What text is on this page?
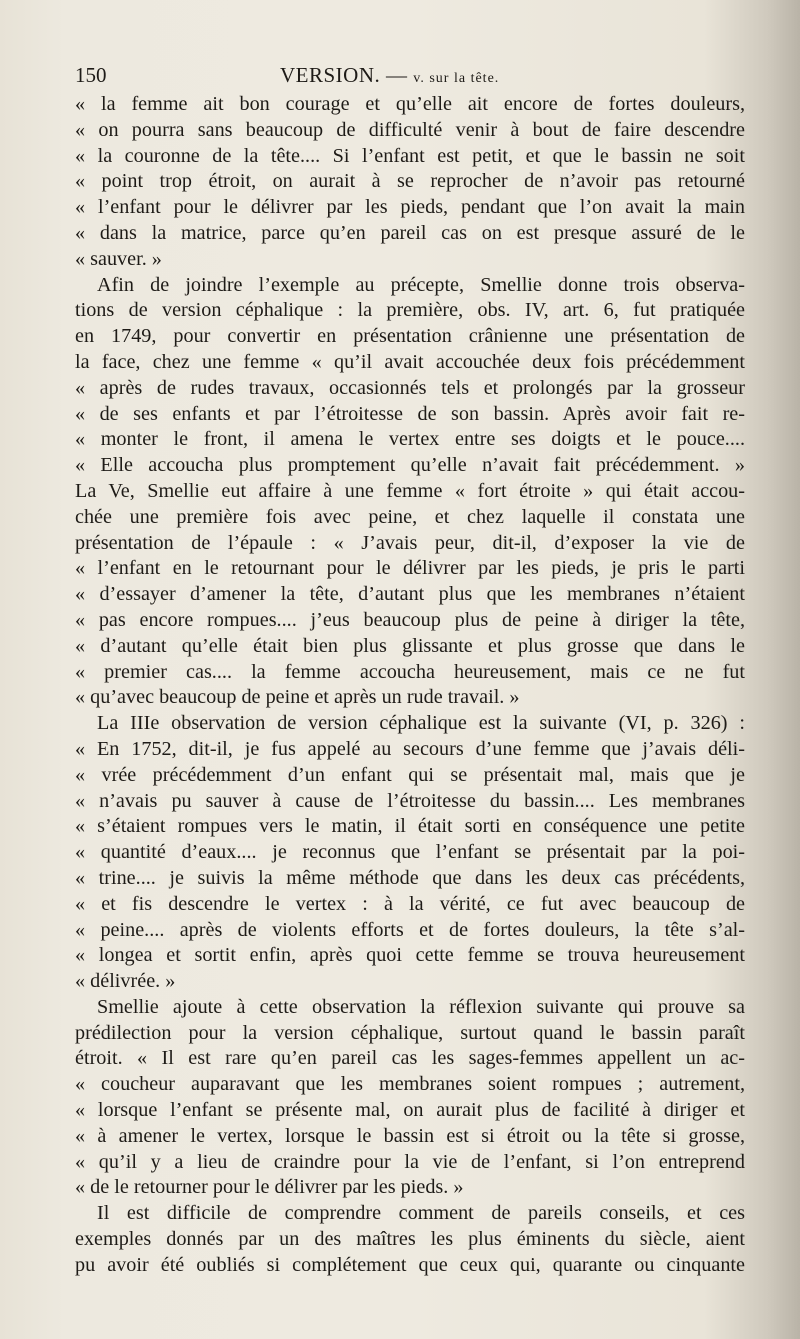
150	VERSION. — v. sur la tête.
« la femme ait bon courage et qu’elle ait encore de fortes douleurs,
« on pourra sans beaucoup de difficulté venir à bout de faire descendre
« la couronne de la tête.... Si l’enfant est petit, et que le bassin ne soit
« point trop étroit, on aurait à se reprocher de n’avoir pas retourné
« l’enfant pour le délivrer par les pieds, pendant que l’on avait la main
« dans la matrice, parce qu’en pareil cas on est presque assuré de le
« sauver. »
Afin de joindre l’exemple au précepte, Smellie donne trois observa-
tions de version céphalique : la première, obs. IV, art. 6, fut pratiquée
en 1749, pour convertir en présentation crânienne une présentation de
la face, chez une femme « qu’il avait accouchée deux fois précédemment
« après de rudes travaux, occasionnés tels et prolongés par la grosseur
« de ses enfants et par l’étroitesse de son bassin. Après avoir fait re-
« monter le front, il amena le vertex entre ses doigts et le pouce....
« Elle accoucha plus promptement qu’elle n’avait fait précédemment. »
La Ve, Smellie eut affaire à une femme « fort étroite » qui était accou-
chée une première fois avec peine, et chez laquelle il constata une
présentation de l’épaule : « J’avais peur, dit-il, d’exposer la vie de
« l’enfant en le retournant pour le délivrer par les pieds, je pris le parti
« d’essayer d’amener la tête, d’autant plus que les membranes n’étaient
« pas encore rompues.... j’eus beaucoup plus de peine à diriger la tête,
« d’autant qu’elle était bien plus glissante et plus grosse que dans le
« premier cas.... la femme accoucha heureusement, mais ce ne fut
« qu’avec beaucoup de peine et après un rude travail. »
La IIIe observation de version céphalique est la suivante (VI, p. 326) :
« En 1752, dit-il, je fus appelé au secours d’une femme que j’avais déli-
« vrée précédemment d’un enfant qui se présentait mal, mais que je
« n’avais pu sauver à cause de l’étroitesse du bassin.... Les membranes
« s’étaient rompues vers le matin, il était sorti en conséquence une petite
« quantité d’eaux.... je reconnus que l’enfant se présentait par la poi-
« trine.... je suivis la même méthode que dans les deux cas précédents,
« et fis descendre le vertex : à la vérité, ce fut avec beaucoup de
« peine.... après de violents efforts et de fortes douleurs, la tête s’al-
« longea et sortit enfin, après quoi cette femme se trouva heureusement
« délivrée. »
Smellie ajoute à cette observation la réflexion suivante qui prouve sa
prédilection pour la version céphalique, surtout quand le bassin paraît
étroit. « Il est rare qu’en pareil cas les sages-femmes appellent un ac-
« coucheur auparavant que les membranes soient rompues ; autrement,
« lorsque l’enfant se présente mal, on aurait plus de facilité à diriger et
« à amener le vertex, lorsque le bassin est si étroit ou la tête si grosse,
« qu’il y a lieu de craindre pour la vie de l’enfant, si l’on entreprend
« de le retourner pour le délivrer par les pieds. »
Il est difficile de comprendre comment de pareils conseils, et ces
exemples donnés par un des maîtres les plus éminents du siècle, aient
pu avoir été oubliés si complétement que ceux qui, quarante ou cinquante
